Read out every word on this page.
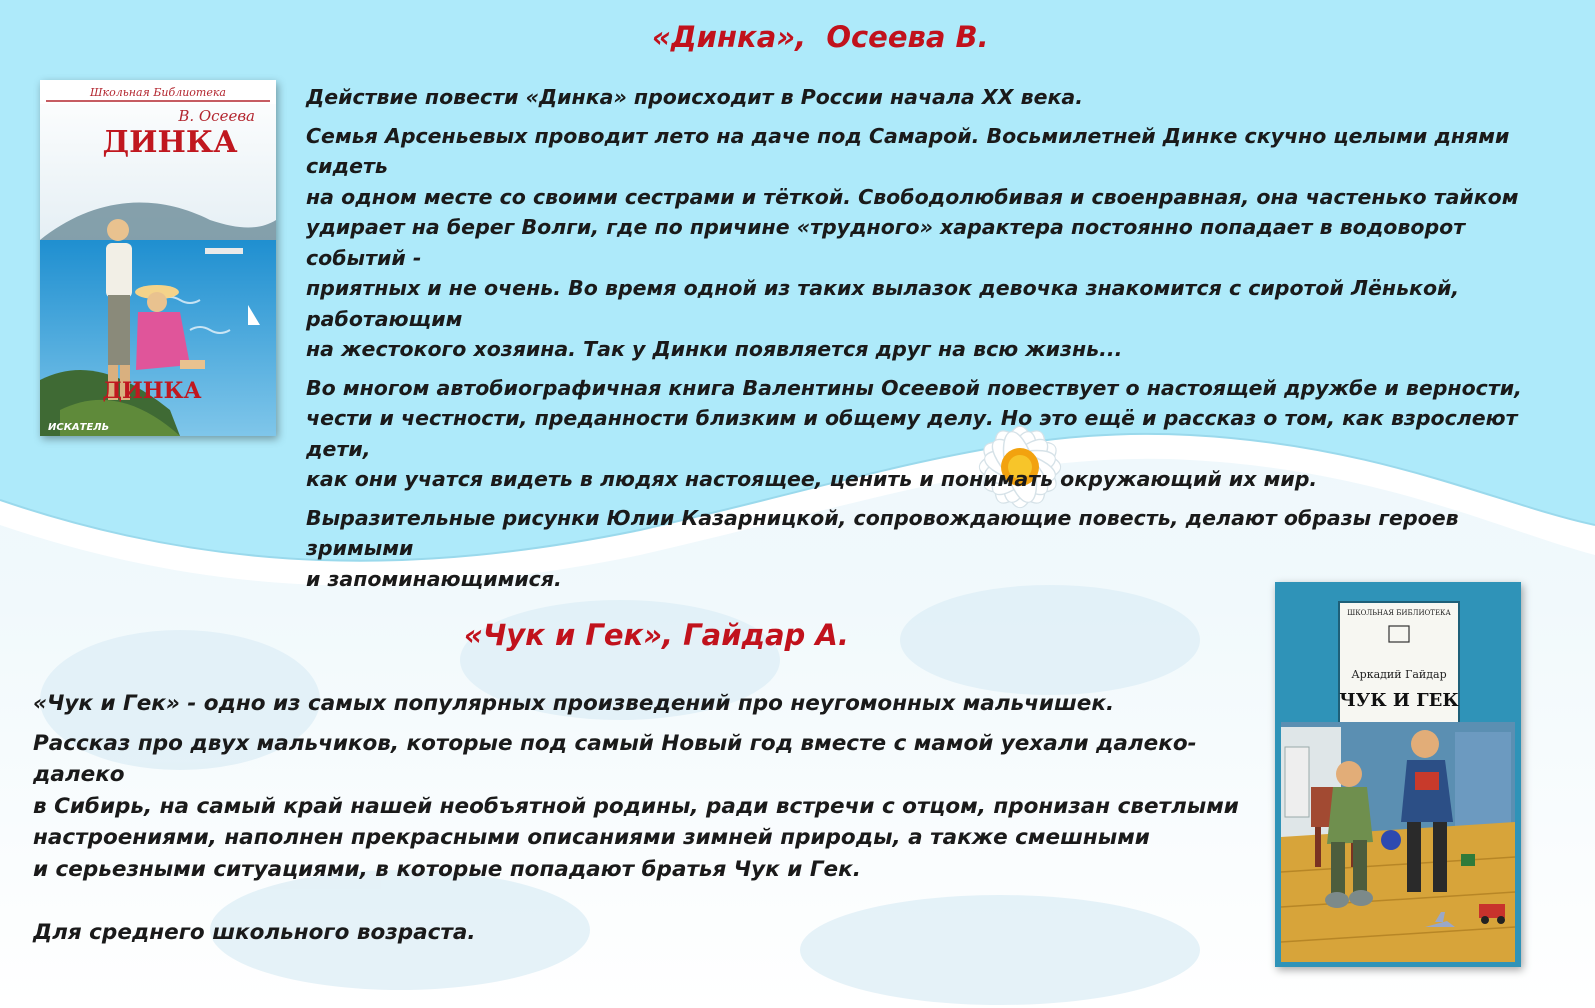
«Динка»,  Осеева В.
Школьная Библиотека
В. Осеева
ДИНКА
ДИНКА
ИСКАТЕЛЬ

Действие повести «Динка» происходит в России начала XX века.

Семья Арсеньевых проводит лето на даче под Самарой. Восьмилетней Динке скучно целыми днями сидеть

на одном месте со своими сестрами и тёткой. Свободолюбивая и своенравная, она частенько тайком

удирает на берег Волги, где по причине «трудного» характера постоянно попадает в водоворот событий -

приятных и не очень. Во время одной из таких вылазок девочка знакомится с сиротой Лёнькой, работающим

на жестокого хозяина. Так у Динки появляется друг на всю жизнь...

Во многом автобиографичная книга Валентины Осеевой повествует о настоящей дружбе и верности,

чести и честности, преданности близким и общему делу. Но это ещё и рассказ о том, как взрослеют дети,

как они учатся видеть в людях настоящее, ценить и понимать окружающий их мир.

Выразительные рисунки Юлии Казарницкой, сопровождающие повесть, делают образы героев зримыми

и запоминающимися.

«Чук и Гек», Гайдар А.

«Чук и Гек» - одно из самых популярных произведений про неугомонных мальчишек.

Рассказ про двух мальчиков, которые под самый Новый год вместе с мамой уехали далеко-далеко

в Сибирь, на самый край нашей необъятной родины, ради встречи с отцом, пронизан светлыми

настроениями, наполнен прекрасными описаниями зимней природы, а также смешными

и серьезными ситуациями, в которые попадают братья Чук и Гек.

Для среднего школьного возраста.

ШКОЛЬНАЯ БИБЛИОТЕКА
Аркадий Гайдар
ЧУК И ГЕК
